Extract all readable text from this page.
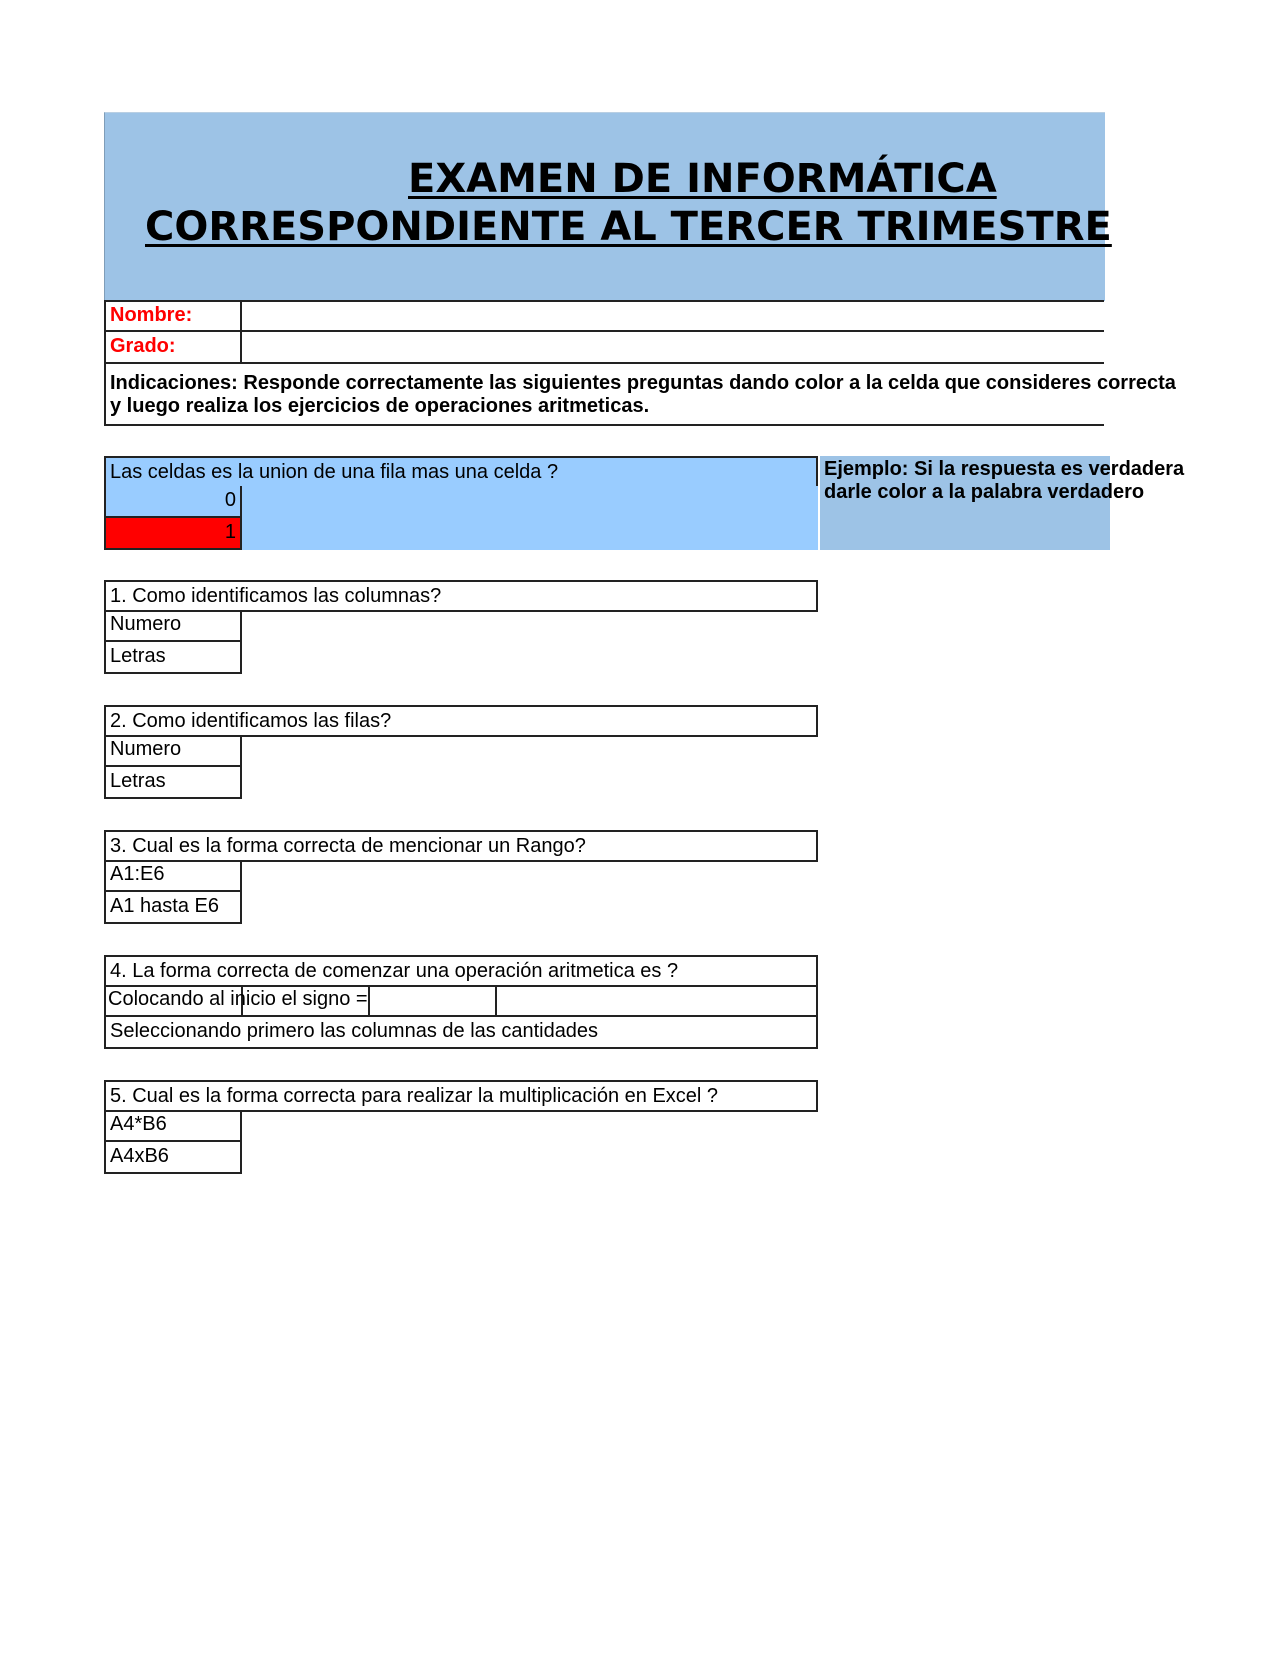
EXAMEN DE INFORMÁTICA
CORRESPONDIENTE AL TERCER TRIMESTRE
Nombre:
Grado:
Indicaciones: Responde correctamente las siguientes preguntas dando color a la celda que consideres correcta
y luego realiza los ejercicios de operaciones aritmeticas.
Las celdas es la union de una fila mas una celda ?
0
1
Ejemplo: Si la respuesta es verdadera
darle color a la palabra verdadero
1. Como identificamos las columnas?
Numero
Letras
2. Como identificamos las filas?
Numero
Letras
3. Cual es la forma correcta de mencionar un Rango?
A1:E6
A1 hasta E6
4. La forma correcta de comenzar una operación aritmetica es ?
Colocando al inicio el signo =
Seleccionando primero las columnas de las cantidades
5. Cual es la forma correcta para realizar la multiplicación en Excel ?
A4*B6
A4xB6
